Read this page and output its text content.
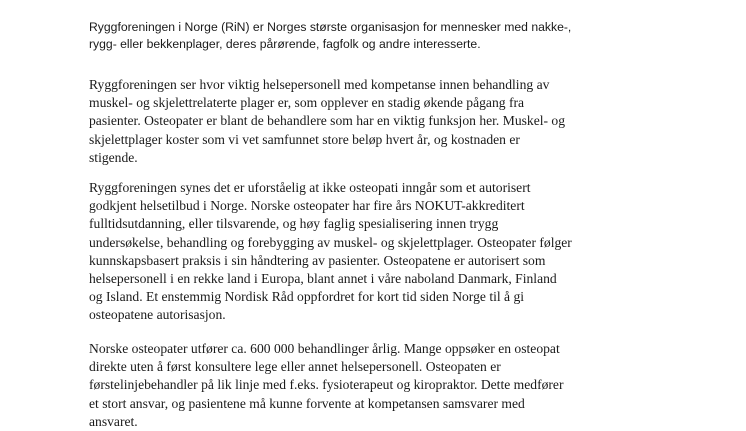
Ryggforeningen i Norge (RiN) er Norges største organisasjon for mennesker med nakke-,
rygg- eller bekkenplager, deres pårørende, fagfolk og andre interesserte.

Ryggforeningen ser hvor viktig helsepersonell med kompetanse innen behandling av
muskel- og skjelettrelaterte plager er, som opplever en stadig økende pågang fra
pasienter. Osteopater er blant de behandlere som har en viktig funksjon her. Muskel- og
skjelettplager koster som vi vet samfunnet store beløp hvert år, og kostnaden er
stigende.

Ryggforeningen synes det er uforståelig at ikke osteopati inngår som et autorisert
godkjent helsetilbud i Norge. Norske osteopater har fire års NOKUT-akkreditert
fulltidsutdanning, eller tilsvarende, og høy faglig spesialisering innen trygg
undersøkelse, behandling og forebygging av muskel- og skjelettplager. Osteopater følger
kunnskapsbasert praksis i sin håndtering av pasienter. Osteopatene er autorisert som
helsepersonell i en rekke land i Europa, blant annet i våre naboland Danmark, Finland
og Island. Et enstemmig Nordisk Råd oppfordret for kort tid siden Norge til å gi
osteopatene autorisasjon.

Norske osteopater utfører ca. 600 000 behandlinger årlig. Mange oppsøker en osteopat
direkte uten å først konsultere lege eller annet helsepersonell. Osteopaten er
førstelinjebehandler på lik linje med f.eks. fysioterapeut og kiropraktor. Dette medfører
et stort ansvar, og pasientene må kunne forvente at kompetansen samsvarer med
ansvaret.
